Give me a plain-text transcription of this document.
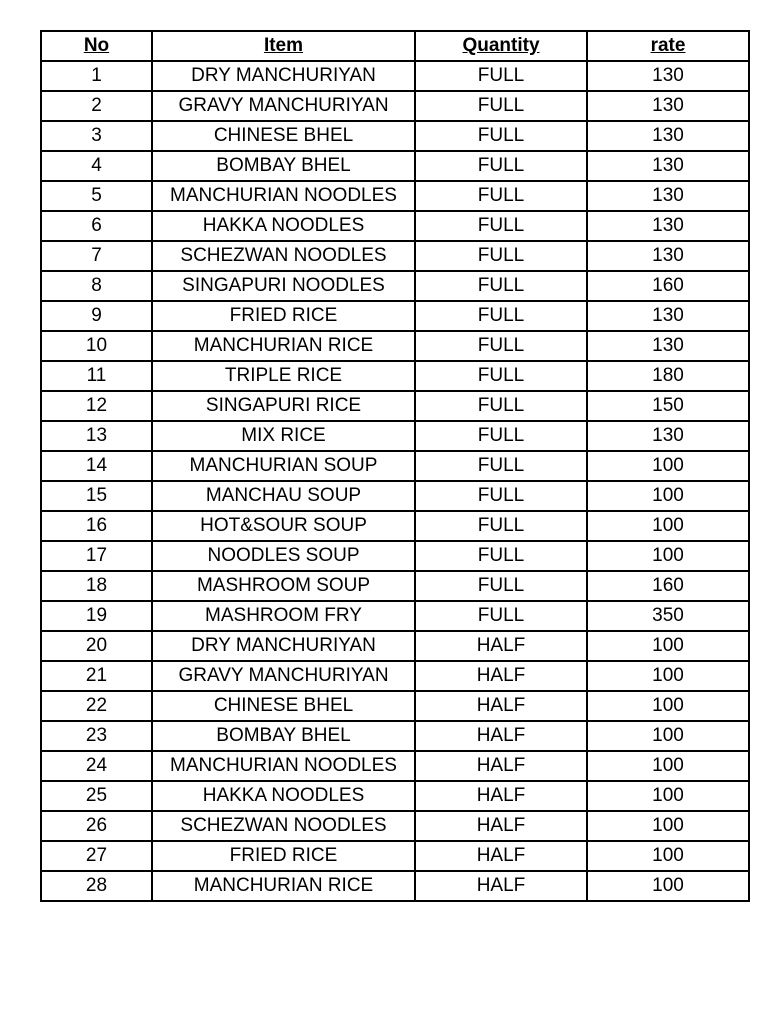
No	Item	Quantity	rate
1	DRY MANCHURIYAN	FULL	130
2	GRAVY MANCHURIYAN	FULL	130
3	CHINESE BHEL	FULL	130
4	BOMBAY BHEL	FULL	130
5	MANCHURIAN NOODLES	FULL	130
6	HAKKA NOODLES	FULL	130
7	SCHEZWAN NOODLES	FULL	130
8	SINGAPURI NOODLES	FULL	160
9	FRIED RICE	FULL	130
10	MANCHURIAN RICE	FULL	130
11	TRIPLE RICE	FULL	180
12	SINGAPURI RICE	FULL	150
13	MIX RICE	FULL	130
14	MANCHURIAN SOUP	FULL	100
15	MANCHAU SOUP	FULL	100
16	HOT&SOUR SOUP	FULL	100
17	NOODLES SOUP	FULL	100
18	MASHROOM SOUP	FULL	160
19	MASHROOM FRY	FULL	350
20	DRY MANCHURIYAN	HALF	100
21	GRAVY MANCHURIYAN	HALF	100
22	CHINESE BHEL	HALF	100
23	BOMBAY BHEL	HALF	100
24	MANCHURIAN NOODLES	HALF	100
25	HAKKA NOODLES	HALF	100
26	SCHEZWAN NOODLES	HALF	100
27	FRIED RICE	HALF	100
28	MANCHURIAN RICE	HALF	100
